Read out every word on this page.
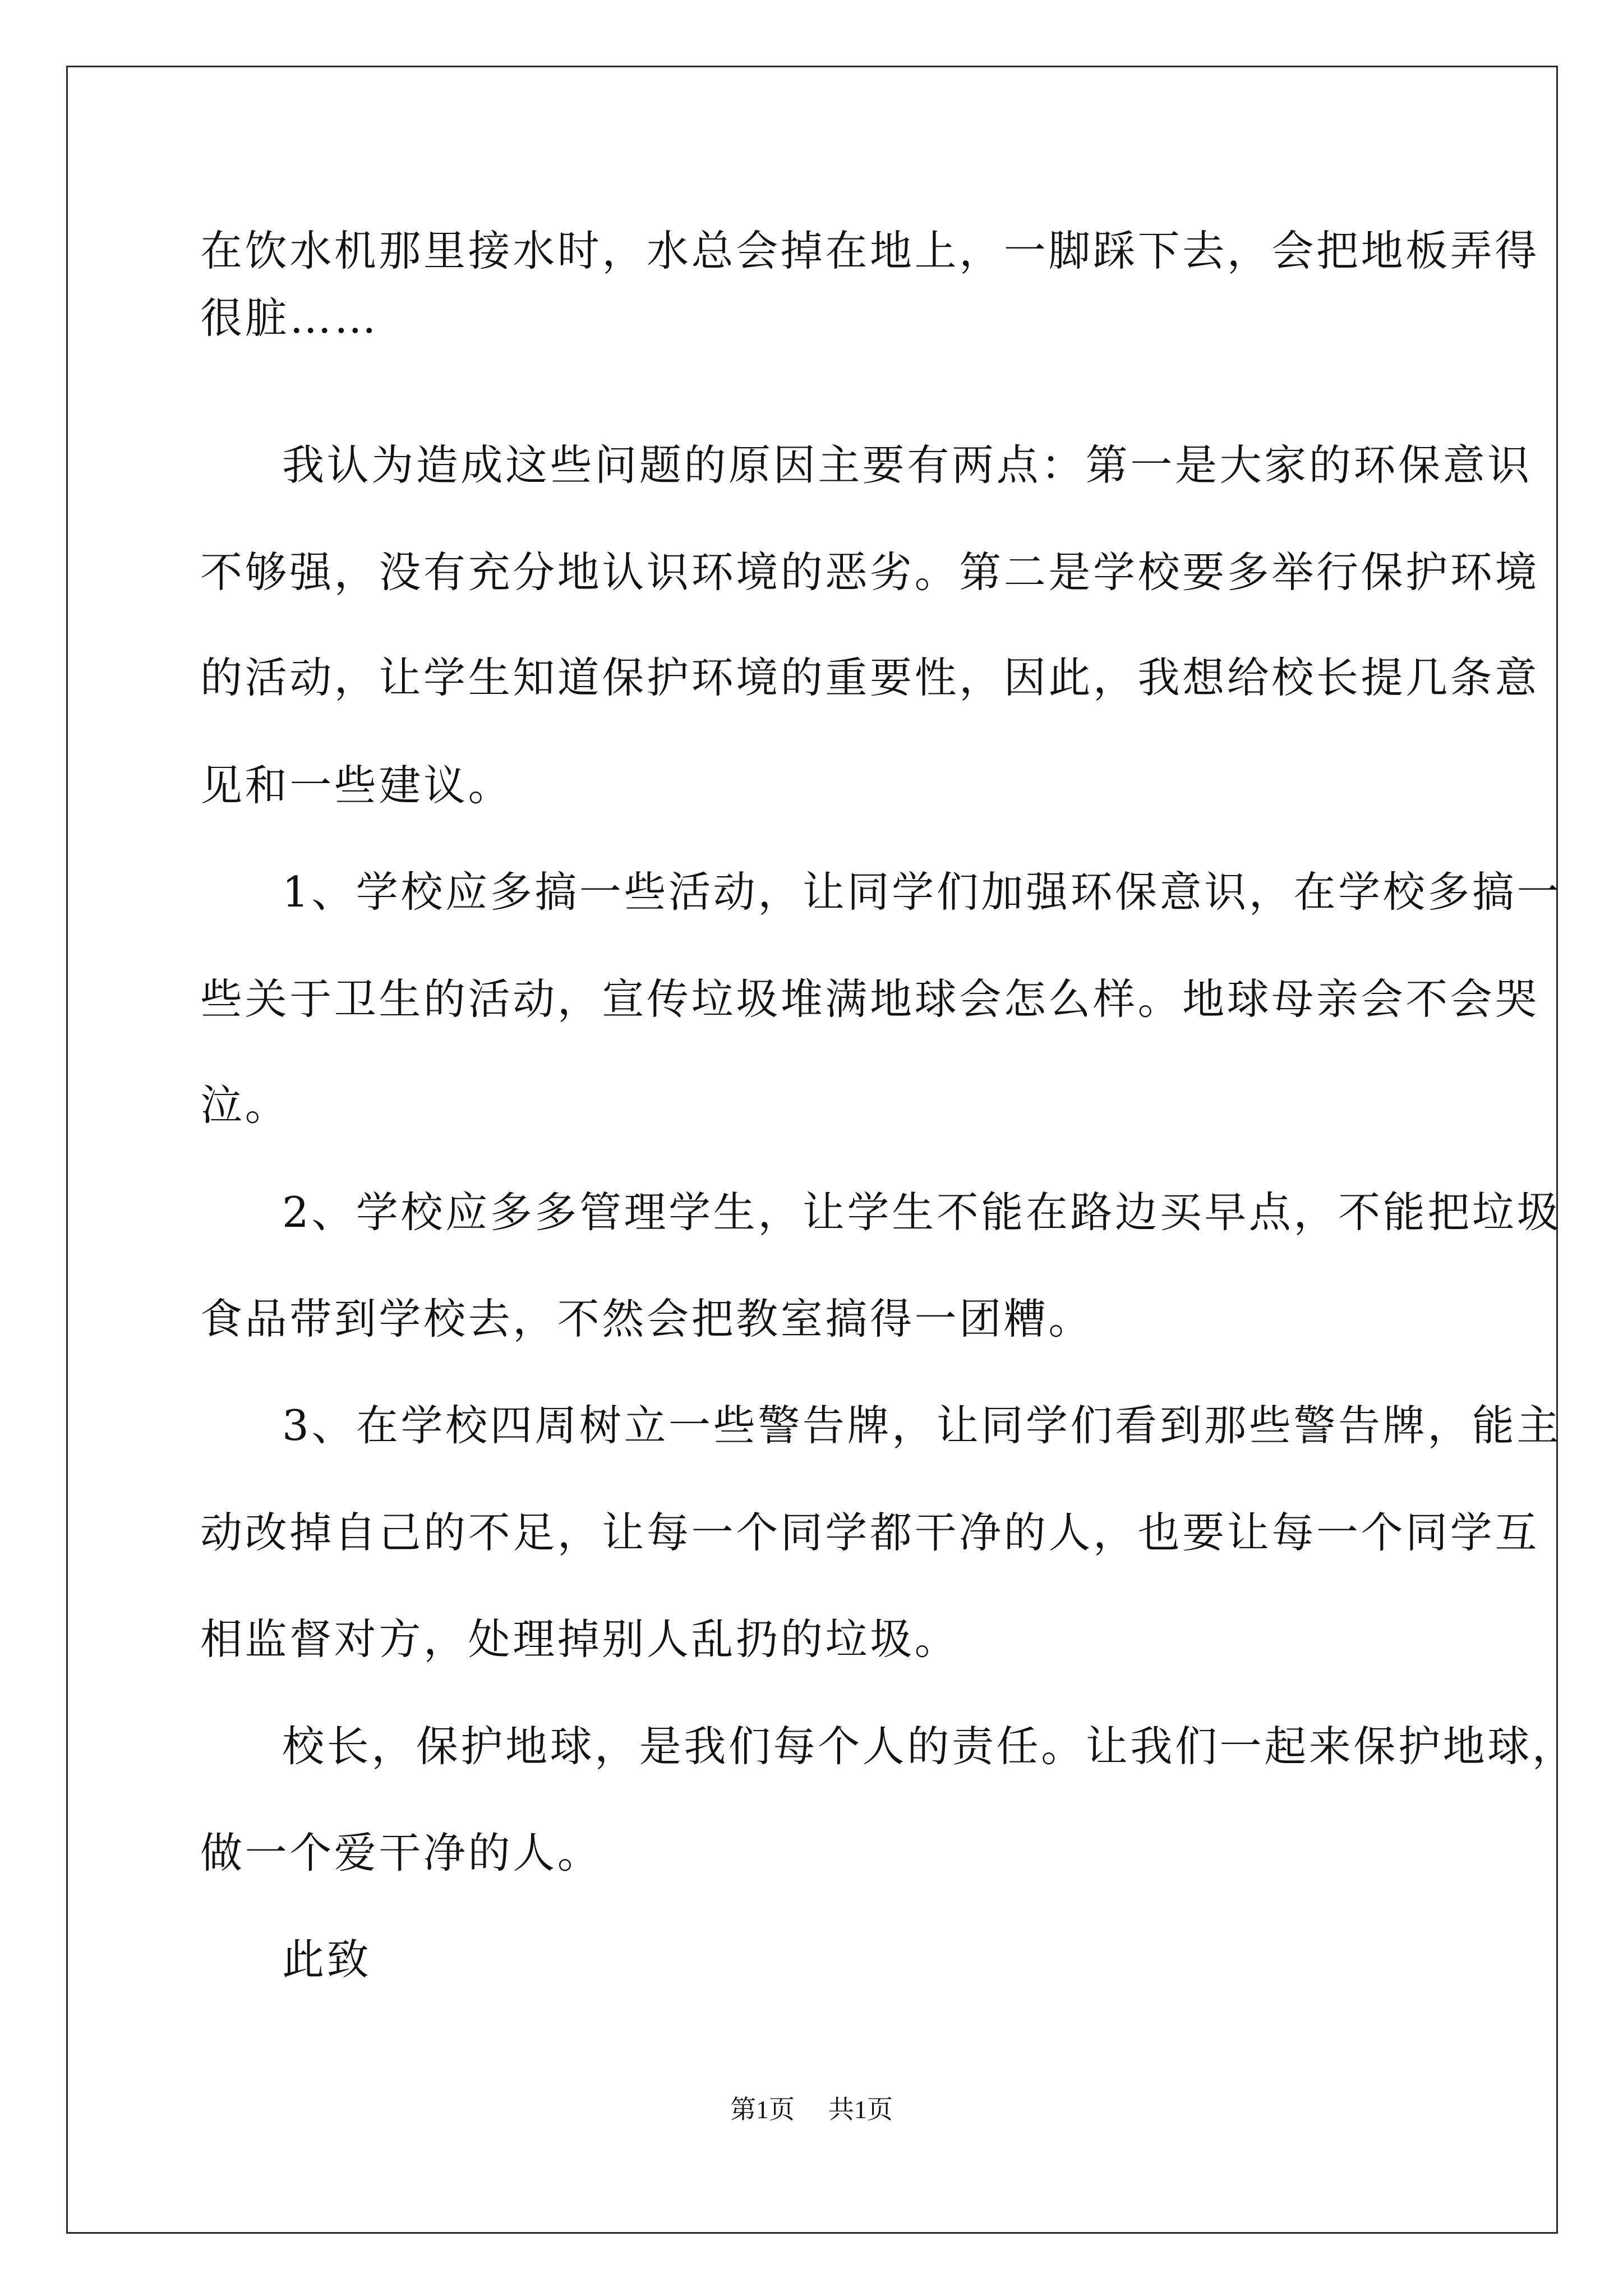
在饮水机那里接水时，水总会掉在地上，一脚踩下去，会把地板弄得
很脏……
我认为造成这些问题的原因主要有两点：第一是大家的环保意识
不够强，没有充分地认识环境的恶劣。第二是学校要多举行保护环境
的活动，让学生知道保护环境的重要性，因此，我想给校长提几条意
见和一些建议。
1、学校应多搞一些活动，让同学们加强环保意识，在学校多搞一
些关于卫生的活动，宣传垃圾堆满地球会怎么样。地球母亲会不会哭
泣。
2、学校应多多管理学生，让学生不能在路边买早点，不能把垃圾
食品带到学校去，不然会把教室搞得一团糟。
3、在学校四周树立一些警告牌，让同学们看到那些警告牌，能主
动改掉自己的不足，让每一个同学都干净的人，也要让每一个同学互
相监督对方，处理掉别人乱扔的垃圾。
校长，保护地球，是我们每个人的责任。让我们一起来保护地球，
做一个爱干净的人。
此致
第1页 共1页
